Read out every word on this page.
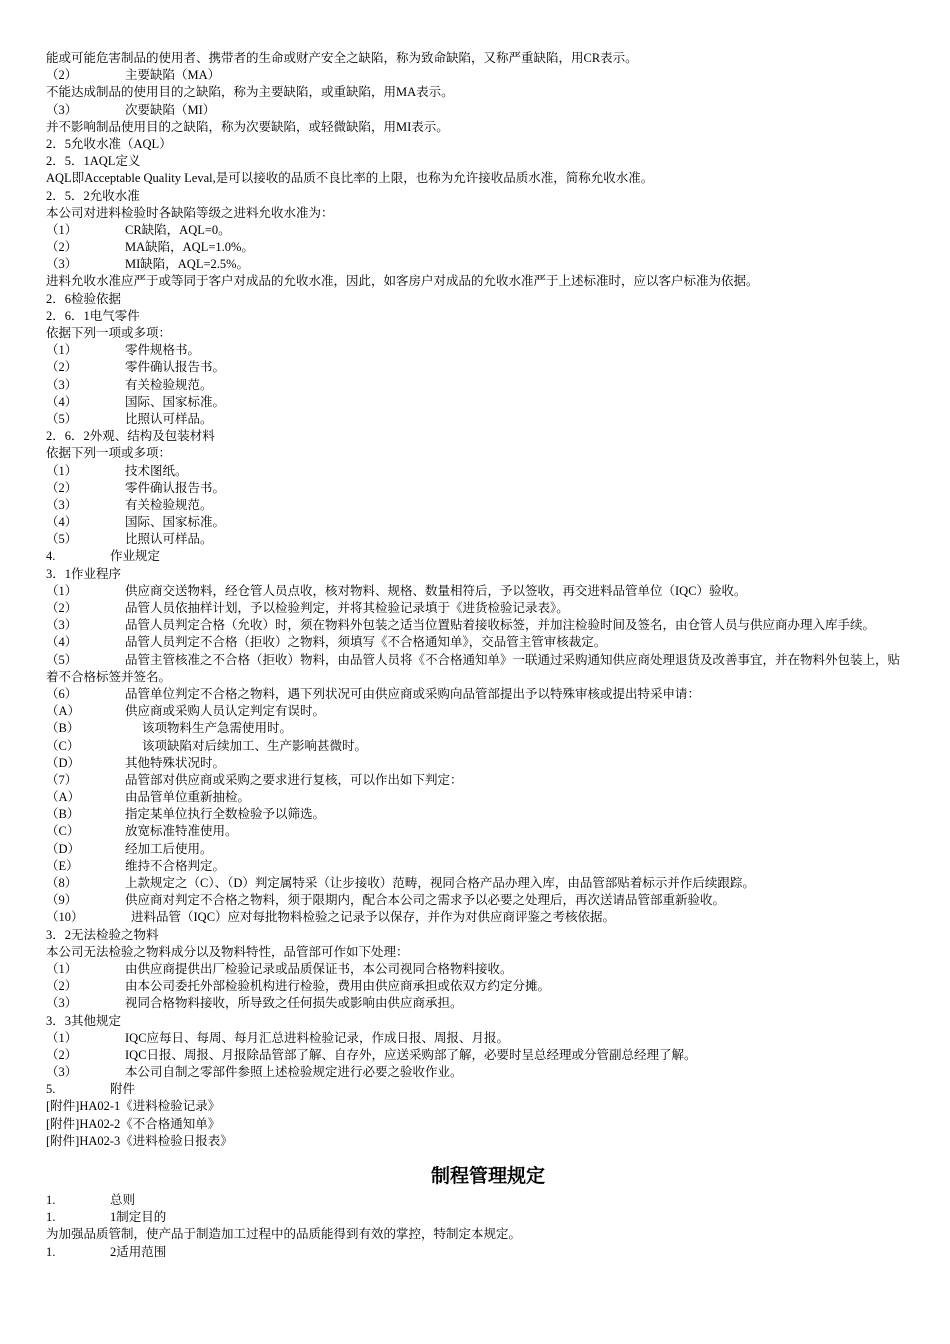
能或可能危害制品的使用者、携带者的生命或财产安全之缺陷，称为致命缺陷，又称严重缺陷，用CR表示。
（2）	主要缺陷（MA）
不能达成制品的使用目的之缺陷，称为主要缺陷，或重缺陷，用MA表示。
（3）	次要缺陷（MI）
并不影响制品使用目的之缺陷，称为次要缺陷，或轻微缺陷，用MI表示。
2．5允收水准（AQL）
2．5．1AQL定义
AQL即Acceptable Quality Leval,是可以接收的品质不良比率的上限，也称为允许接收品质水准，简称允收水准。
2．5．2允收水准
本公司对进料检验时各缺陷等级之进料允收水准为：
（1）	CR缺陷，AQL=0。
（2）	MA缺陷，AQL=1.0%。
（3）	MI缺陷，AQL=2.5%。
进料允收水准应严于或等同于客户对成品的允收水准，因此，如客房户对成品的允收水准严于上述标准时，应以客户标准为依据。
2．6检验依据
2．6．1电气零件
依据下列一项或多项：
（1）	零件规格书。
（2）	零件确认报告书。
（3）	有关检验规范。
（4）	国际、国家标准。
（5）	比照认可样品。
2．6．2外观、结构及包装材料
依据下列一项或多项：
（1）	技术图纸。
（2）	零件确认报告书。
（3）	有关检验规范。
（4）	国际、国家标准。
（5）	比照认可样品。
4.	作业规定
3．1作业程序
（1）	供应商交送物料，经仓管人员点收，核对物料、规格、数量相符后，予以签收，再交进料品管单位（IQC）验收。
（2）	品管人员依抽样计划，予以检验判定，并将其检验记录填于《进货检验记录表》。
（3）	品管人员判定合格（允收）时，须在物料外包装之适当位置贴着接收标签，并加注检验时间及签名，由仓管人员与供应商办理入库手续。
（4）	品管人员判定不合格（拒收）之物料，须填写《不合格通知单》，交品管主管审核裁定。
（5）	品管主管核准之不合格（拒收）物料，由品管人员将《不合格通知单》一联通过采购通知供应商处理退货及改善事宜，并在物料外包装上，贴着不合格标签并签名。
（6）	品管单位判定不合格之物料，遇下列状况可由供应商或采购向品管部提出予以特殊审核或提出特采申请：
（A）	供应商或采购人员认定判定有误时。
（B）	该项物料生产急需使用时。
（C）	该项缺陷对后续加工、生产影响甚微时。
（D）	其他特殊状况时。
（7）	品管部对供应商或采购之要求进行复核，可以作出如下判定：
（A）	由品管单位重新抽检。
（B）	指定某单位执行全数检验予以筛选。
（C）	放宽标准特准使用。
（D）	经加工后使用。
（E）	维持不合格判定。
（8）	上款规定之（C）、（D）判定属特采（让步接收）范畴，视同合格产品办理入库，由品管部贴着标示并作后续跟踪。
（9）	供应商对判定不合格之物料，须于限期内，配合本公司之需求予以必要之处理后，再次送请品管部重新验收。
（10）	进料品管（IQC）应对每批物料检验之记录予以保存，并作为对供应商评鉴之考核依据。
3．2无法检验之物料
本公司无法检验之物料成分以及物料特性，品管部可作如下处理：
（1）	由供应商提供出厂检验记录或品质保证书，本公司视同合格物料接收。
（2）	由本公司委托外部检验机构进行检验，费用由供应商承担或依双方约定分摊。
（3）	视同合格物料接收，所导致之任何损失或影响由供应商承担。
3．3其他规定
（1）	IQC应每日、每周、每月汇总进料检验记录，作成日报、周报、月报。
（2）	IQC日报、周报、月报除品管部了解、自存外，应送采购部了解，必要时呈总经理或分管副总经理了解。
（3）	本公司自制之零部件参照上述检验规定进行必要之验收作业。
5.	附件
[附件]HA02-1《进料检验记录》
[附件]HA02-2《不合格通知单》
[附件]HA02-3《进料检验日报表》
制程管理规定
1.	总则
1.	1制定目的
为加强品质管制，使产品于制造加工过程中的品质能得到有效的掌控，特制定本规定。
1.	2适用范围
